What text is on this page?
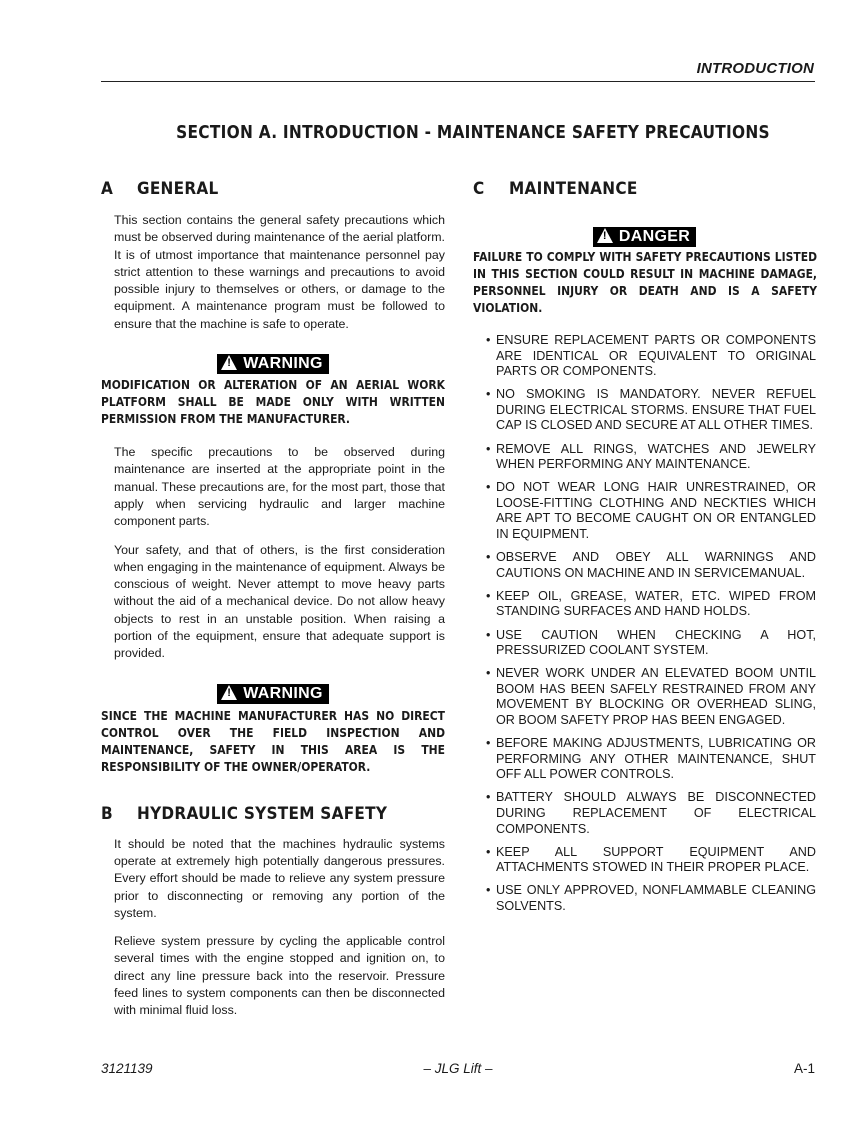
INTRODUCTION
SECTION A. INTRODUCTION - MAINTENANCE SAFETY PRECAUTIONS
A	GENERAL

This section contains the general safety precautions which must be observed during maintenance of the aerial platform. It is of utmost importance that maintenance personnel pay strict attention to these warnings and precautions to avoid possible injury to themselves or others, or damage to the equipment. A maintenance program must be followed to ensure that the machine is safe to operate.

! WARNING

MODIFICATION OR ALTERATION OF AN AERIAL WORK PLATFORM SHALL BE MADE ONLY WITH WRITTEN PERMISSION FROM THE MANUFACTURER.

The specific precautions to be observed during maintenance are inserted at the appropriate point in the manual. These precautions are, for the most part, those that apply when servicing hydraulic and larger machine component parts.

Your safety, and that of others, is the first consideration when engaging in the maintenance of equipment. Always be conscious of weight. Never attempt to move heavy parts without the aid of a mechanical device. Do not allow heavy objects to rest in an unstable position. When raising a portion of the equipment, ensure that adequate support is provided.

! WARNING

SINCE THE MACHINE MANUFACTURER HAS NO DIRECT CONTROL OVER THE FIELD INSPECTION AND MAINTENANCE, SAFETY IN THIS AREA IS THE RESPONSIBILITY OF THE OWNER/OPERATOR.

B	HYDRAULIC SYSTEM SAFETY

It should be noted that the machines hydraulic systems operate at extremely high potentially dangerous pressures. Every effort should be made to relieve any system pressure prior to disconnecting or removing any portion of the system.

Relieve system pressure by cycling the applicable control several times with the engine stopped and ignition on, to direct any line pressure back into the reservoir. Pressure feed lines to system components can then be disconnected with minimal fluid loss.

C	MAINTENANCE
! DANGER

FAILURE TO COMPLY WITH SAFETY PRECAUTIONS LISTED IN THIS SECTION COULD RESULT IN MACHINE DAMAGE, PERSONNEL INJURY OR DEATH AND IS A SAFETY VIOLATION.

• ENSURE REPLACEMENT PARTS OR COMPONENTS ARE IDENTICAL OR EQUIVALENT TO ORIGINAL PARTS OR COMPONENTS.
• NO SMOKING IS MANDATORY. NEVER REFUEL DURING ELECTRICAL STORMS. ENSURE THAT FUEL CAP IS CLOSED AND SECURE AT ALL OTHER TIMES.
• REMOVE ALL RINGS, WATCHES AND JEWELRY WHEN PERFORMING ANY MAINTENANCE.
• DO NOT WEAR LONG HAIR UNRESTRAINED, OR LOOSE-FITTING CLOTHING AND NECKTIES WHICH ARE APT TO BECOME CAUGHT ON OR ENTANGLED IN EQUIPMENT.
• OBSERVE AND OBEY ALL WARNINGS AND CAUTIONS ON MACHINE AND IN SERVICEMANUAL.
• KEEP OIL, GREASE, WATER, ETC. WIPED FROM STANDING SURFACES AND HAND HOLDS.
• USE CAUTION WHEN CHECKING A HOT, PRESSURIZED COOLANT SYSTEM.
• NEVER WORK UNDER AN ELEVATED BOOM UNTIL BOOM HAS BEEN SAFELY RESTRAINED FROM ANY MOVEMENT BY BLOCKING OR OVERHEAD SLING, OR BOOM SAFETY PROP HAS BEEN ENGAGED.
• BEFORE MAKING ADJUSTMENTS, LUBRICATING OR PERFORMING ANY OTHER MAINTENANCE, SHUT OFF ALL POWER CONTROLS.
• BATTERY SHOULD ALWAYS BE DISCONNECTED DURING REPLACEMENT OF ELECTRICAL COMPONENTS.
• KEEP ALL SUPPORT EQUIPMENT AND ATTACHMENTS STOWED IN THEIR PROPER PLACE.
• USE ONLY APPROVED, NONFLAMMABLE CLEANING SOLVENTS.
3121139	– JLG Lift –	A-1
